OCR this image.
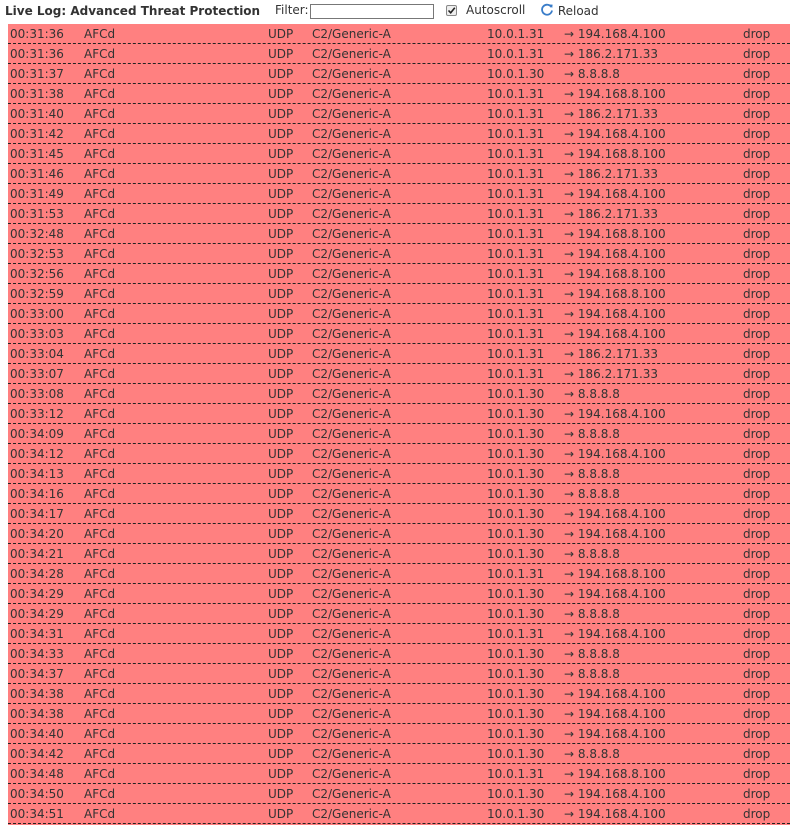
Live Log: Advanced Threat Protection Filter:	Autoscroll	Reload
00:31:36 AFCd	UDP C2/Generic-A	10.0.1.31 → 194.168.4.100	drop
00:31:36 AFCd	UDP C2/Generic-A	10.0.1.31 → 186.2.171.33	drop
00:31:37 AFCd	UDP C2/Generic-A	10.0.1.30 → 8.8.8.8	drop
00:31:38 AFCd	UDP C2/Generic-A	10.0.1.31 → 194.168.8.100	drop
00:31:40 AFCd	UDP C2/Generic-A	10.0.1.31 → 186.2.171.33	drop
00:31:42 AFCd	UDP C2/Generic-A	10.0.1.31 → 194.168.4.100	drop
00:31:45 AFCd	UDP C2/Generic-A	10.0.1.31 → 194.168.8.100	drop
00:31:46 AFCd	UDP C2/Generic-A	10.0.1.31 → 186.2.171.33	drop
00:31:49 AFCd	UDP C2/Generic-A	10.0.1.31 → 194.168.4.100	drop
00:31:53 AFCd	UDP C2/Generic-A	10.0.1.31 → 186.2.171.33	drop
00:32:48 AFCd	UDP C2/Generic-A	10.0.1.31 → 194.168.8.100	drop
00:32:53 AFCd	UDP C2/Generic-A	10.0.1.31 → 194.168.4.100	drop
00:32:56 AFCd	UDP C2/Generic-A	10.0.1.31 → 194.168.8.100	drop
00:32:59 AFCd	UDP C2/Generic-A	10.0.1.31 → 194.168.8.100	drop
00:33:00 AFCd	UDP C2/Generic-A	10.0.1.31 → 194.168.4.100	drop
00:33:03 AFCd	UDP C2/Generic-A	10.0.1.31 → 194.168.4.100	drop
00:33:04 AFCd	UDP C2/Generic-A	10.0.1.31 → 186.2.171.33	drop
00:33:07 AFCd	UDP C2/Generic-A	10.0.1.31 → 186.2.171.33	drop
00:33:08 AFCd	UDP C2/Generic-A	10.0.1.30 → 8.8.8.8	drop
00:33:12 AFCd	UDP C2/Generic-A	10.0.1.30 → 194.168.4.100	drop
00:34:09 AFCd	UDP C2/Generic-A	10.0.1.30 → 8.8.8.8	drop
00:34:12 AFCd	UDP C2/Generic-A	10.0.1.30 → 194.168.4.100	drop
00:34:13 AFCd	UDP C2/Generic-A	10.0.1.30 → 8.8.8.8	drop
00:34:16 AFCd	UDP C2/Generic-A	10.0.1.30 → 8.8.8.8	drop
00:34:17 AFCd	UDP C2/Generic-A	10.0.1.30 → 194.168.4.100	drop
00:34:20 AFCd	UDP C2/Generic-A	10.0.1.30 → 194.168.4.100	drop
00:34:21 AFCd	UDP C2/Generic-A	10.0.1.30 → 8.8.8.8	drop
00:34:28 AFCd	UDP C2/Generic-A	10.0.1.31 → 194.168.8.100	drop
00:34:29 AFCd	UDP C2/Generic-A	10.0.1.30 → 194.168.4.100	drop
00:34:29 AFCd	UDP C2/Generic-A	10.0.1.30 → 8.8.8.8	drop
00:34:31 AFCd	UDP C2/Generic-A	10.0.1.31 → 194.168.4.100	drop
00:34:33 AFCd	UDP C2/Generic-A	10.0.1.30 → 8.8.8.8	drop
00:34:37 AFCd	UDP C2/Generic-A	10.0.1.30 → 8.8.8.8	drop
00:34:38 AFCd	UDP C2/Generic-A	10.0.1.30 → 194.168.4.100	drop
00:34:38 AFCd	UDP C2/Generic-A	10.0.1.30 → 194.168.4.100	drop
00:34:40 AFCd	UDP C2/Generic-A	10.0.1.30 → 194.168.4.100	drop
00:34:42 AFCd	UDP C2/Generic-A	10.0.1.30 → 8.8.8.8	drop
00:34:48 AFCd	UDP C2/Generic-A	10.0.1.31 → 194.168.8.100	drop
00:34:50 AFCd	UDP C2/Generic-A	10.0.1.30 → 194.168.4.100	drop
00:34:51 AFCd	UDP C2/Generic-A	10.0.1.30 → 194.168.4.100	drop
